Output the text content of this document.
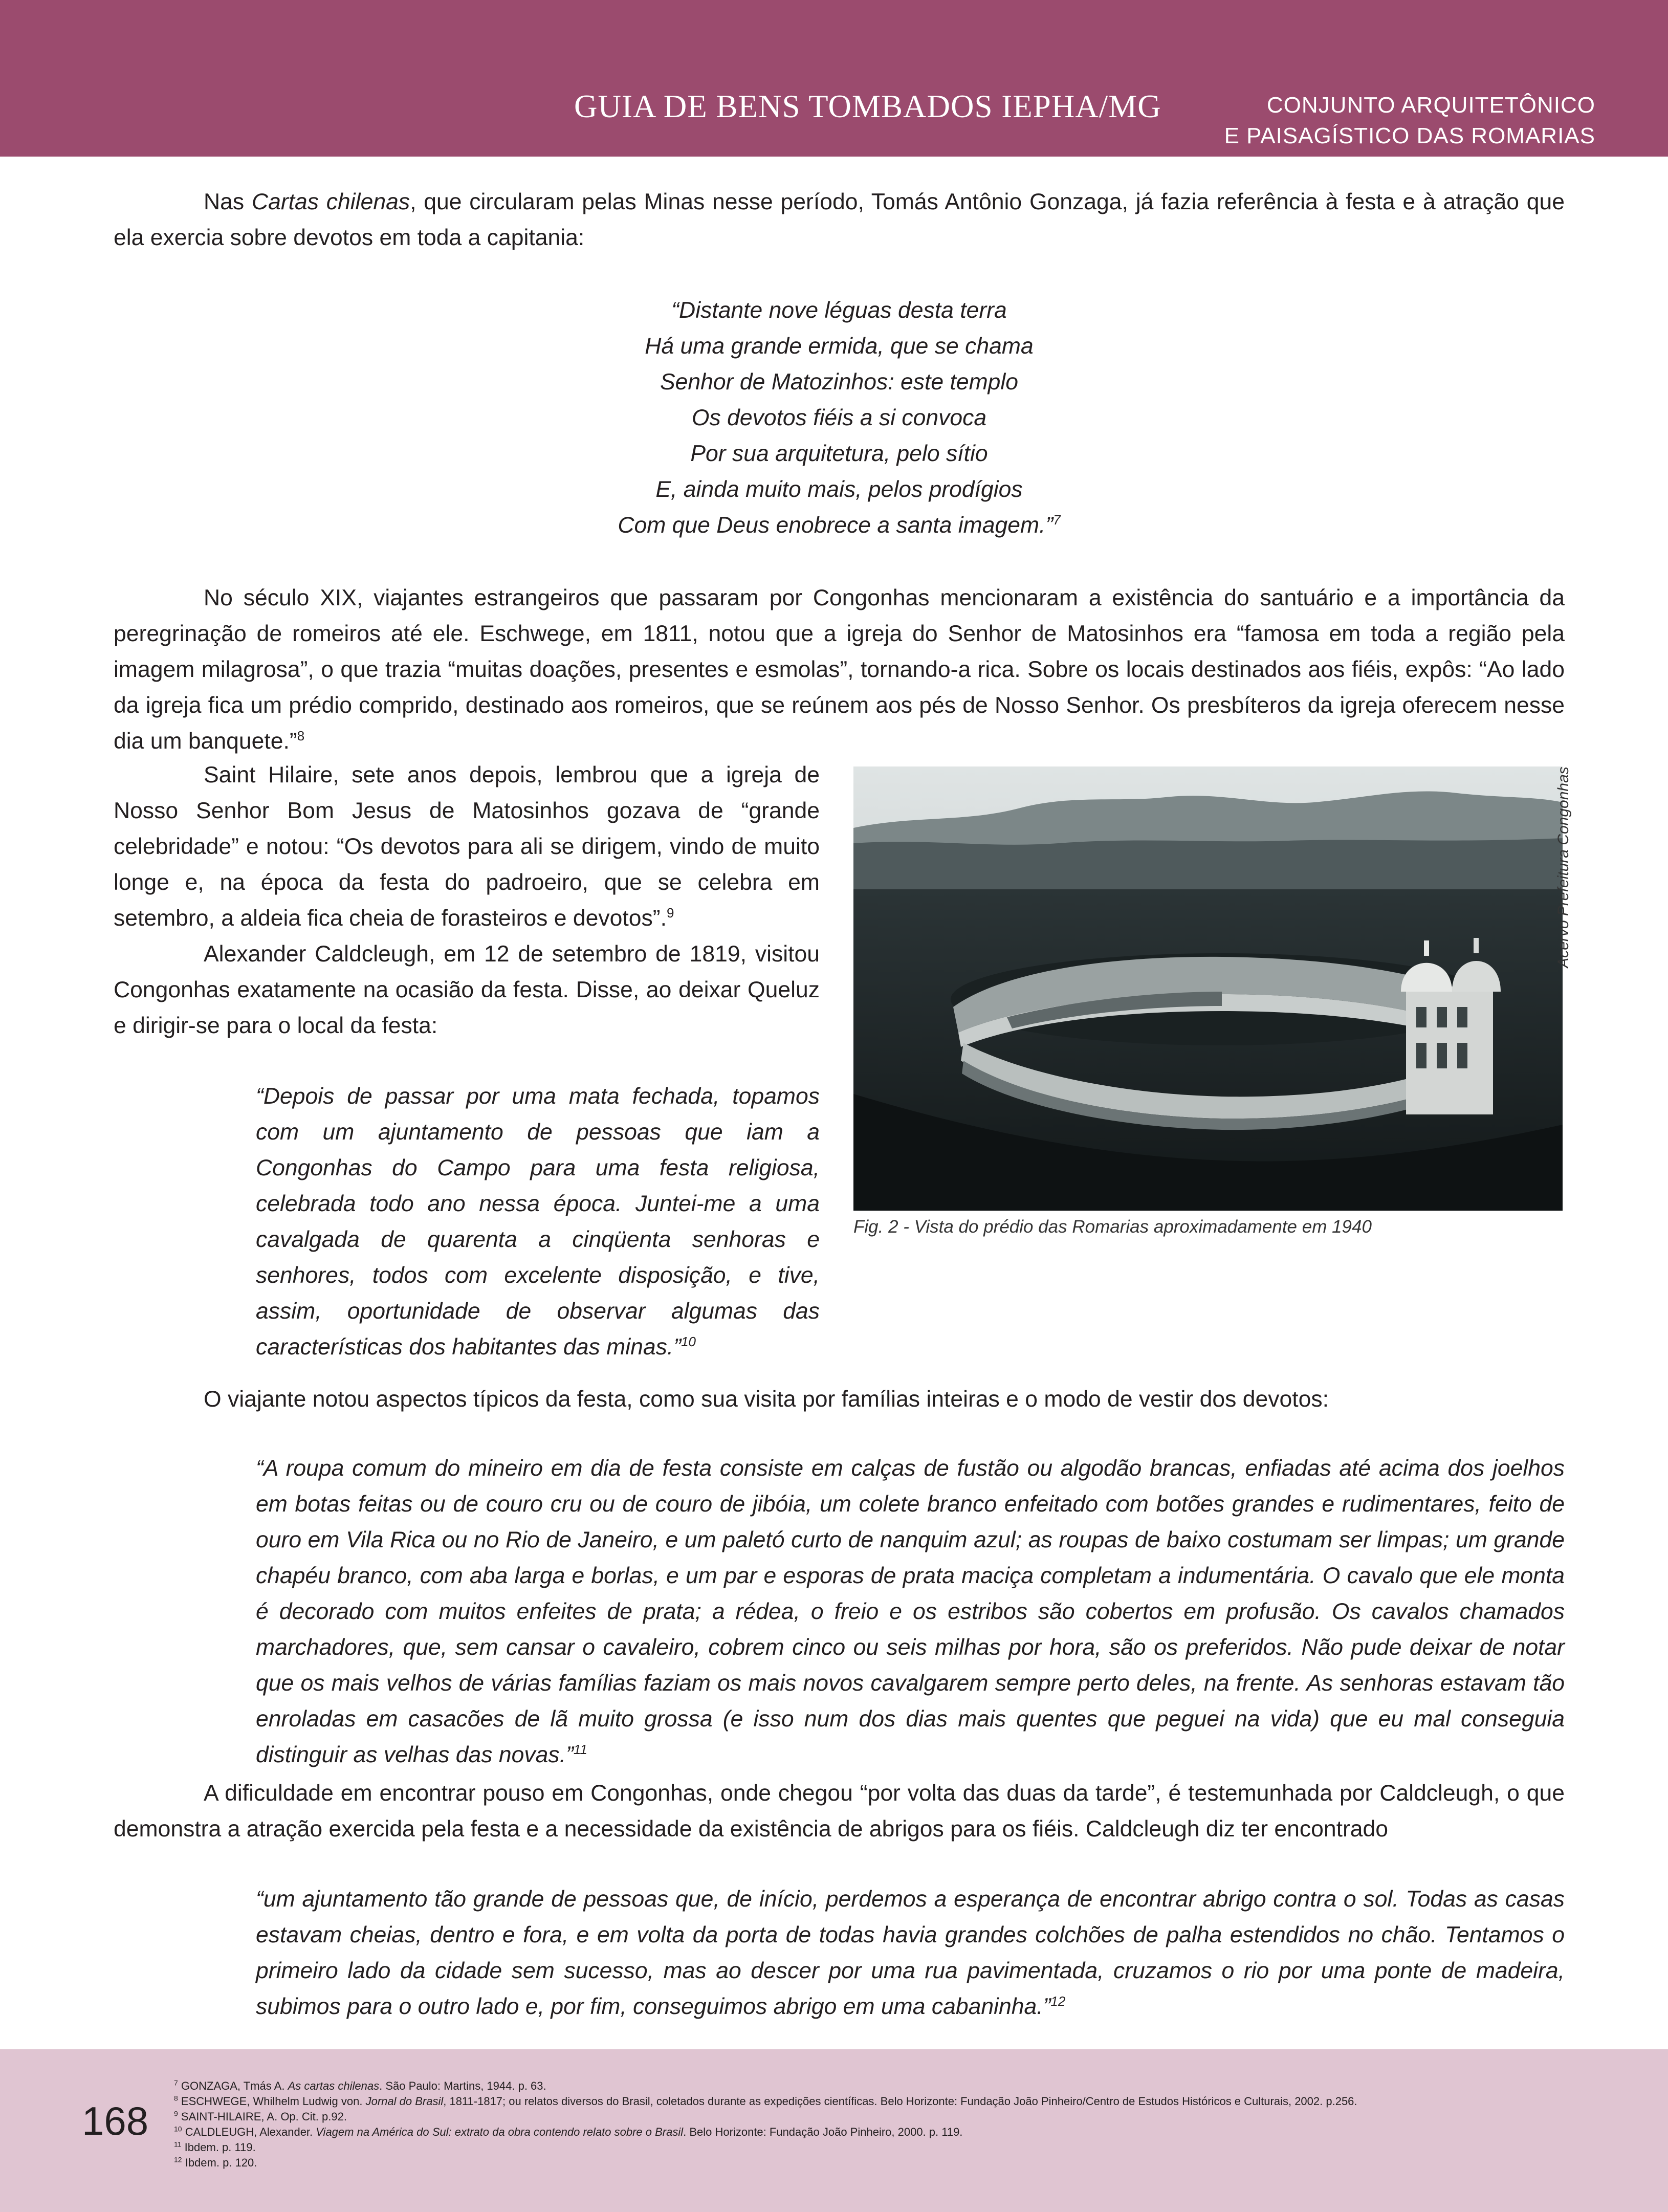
GUIA DE BENS TOMBADOS IEPHA/MG	CONJUNTO ARQUITETÔNICO
E PAISAGÍSTICO DAS ROMARIAS

Nas Cartas chilenas, que circularam pelas Minas nesse período, Tomás Antônio Gonzaga, já fazia referência à festa e à atração que ela exercia sobre devotos em toda a capitania:

“Distante nove léguas desta terra
Há uma grande ermida, que se chama
Senhor de Matozinhos: este templo
Os devotos fiéis a si convoca
Por sua arquitetura, pelo sítio
E, ainda muito mais, pelos prodígios
Com que Deus enobrece a santa imagem.”$^7$

No século XIX, viajantes estrangeiros que passaram por Congonhas mencionaram a existência do santuário e a importância da peregrinação de romeiros até ele. Eschwege, em 1811, notou que a igreja do Senhor de Matosinhos era “famosa em toda a região pela imagem milagrosa”, o que trazia “muitas doações, presentes e esmolas”, tornando-a rica. Sobre os locais destinados aos fiéis, expôs: “Ao lado da igreja fica um prédio comprido, destinado aos romeiros, que se reúnem aos pés de Nosso Senhor. Os presbíteros da igreja oferecem nesse dia um banquete.”$^8$

Saint Hilaire, sete anos depois, lembrou que a igreja de Nosso Senhor Bom Jesus de Matosinhos gozava de “grande celebridade” e notou: “Os devotos para ali se dirigem, vindo de muito longe e, na época da festa do padroeiro, que se celebra em setembro, a aldeia fica cheia de forasteiros e devotos”.$^9$

Alexander Caldcleugh, em 12 de setembro de 1819, visitou Congonhas exatamente na ocasião da festa. Disse, ao deixar Queluz e dirigir-se para o local da festa:

“Depois de passar por uma mata fechada, topamos com um ajuntamento de pessoas que iam a Congonhas do Campo para uma festa religiosa, celebrada todo ano nessa época. Juntei-me a uma cavalgada de quarenta a cinqüenta senhoras e senhores, todos com excelente disposição, e tive, assim, oportunidade de observar algumas das características dos habitantes das minas.”$^{10}$

Acervo Prefeitura Congonhas
Fig. 2 - Vista do prédio das Romarias aproximadamente em 1940

O viajante notou aspectos típicos da festa, como sua visita por famílias inteiras e o modo de vestir dos devotos:

“A roupa comum do mineiro em dia de festa consiste em calças de fustão ou algodão brancas, enfiadas até acima dos joelhos em botas feitas ou de couro cru ou de couro de jibóia, um colete branco enfeitado com botões grandes e rudimentares, feito de ouro em Vila Rica ou no Rio de Janeiro, e um paletó curto de nanquim azul; as roupas de baixo costumam ser limpas; um grande chapéu branco, com aba larga e borlas, e um par e esporas de prata maciça completam a indumentária. O cavalo que ele monta é decorado com muitos enfeites de prata; a rédea, o freio e os estribos são cobertos em profusão. Os cavalos chamados marchadores, que, sem cansar o cavaleiro, cobrem cinco ou seis milhas por hora, são os preferidos. Não pude deixar de notar que os mais velhos de várias famílias faziam os mais novos cavalgarem sempre perto deles, na frente. As senhoras estavam tão enroladas em casacões de lã muito grossa (e isso num dos dias mais quentes que peguei na vida) que eu mal conseguia distinguir as velhas das novas.”$^{11}$

A dificuldade em encontrar pouso em Congonhas, onde chegou “por volta das duas da tarde”, é testemunhada por Caldcleugh, o que demonstra a atração exercida pela festa e a necessidade da existência de abrigos para os fiéis. Caldcleugh diz ter encontrado

“um ajuntamento tão grande de pessoas que, de início, perdemos a esperança de encontrar abrigo contra o sol. Todas as casas estavam cheias, dentro e fora, e em volta da porta de todas havia grandes colchões de palha estendidos no chão. Tentamos o primeiro lado da cidade sem sucesso, mas ao descer por uma rua pavimentada, cruzamos o rio por uma ponte de madeira, subimos para o outro lado e, por fim, conseguimos abrigo em uma cabaninha.”$^{12}$

168
$^7$ GONZAGA, Tmás A. As cartas chilenas. São Paulo: Martins, 1944. p. 63.
$^8$ ESCHWEGE, Whilhelm Ludwig von. Jornal do Brasil, 1811-1817; ou relatos diversos do Brasil, coletados durante as expedições científicas. Belo Horizonte: Fundação João Pinheiro/Centro de Estudos Históricos e Culturais, 2002. p.256.
$^9$ SAINT-HILAIRE, A. Op. Cit. p.92.
$^{10}$ CALDLEUGH, Alexander. Viagem na América do Sul: extrato da obra contendo relato sobre o Brasil. Belo Horizonte: Fundação João Pinheiro, 2000. p. 119.
$^{11}$ Ibdem. p. 119.
$^{12}$ Ibdem. p. 120.
